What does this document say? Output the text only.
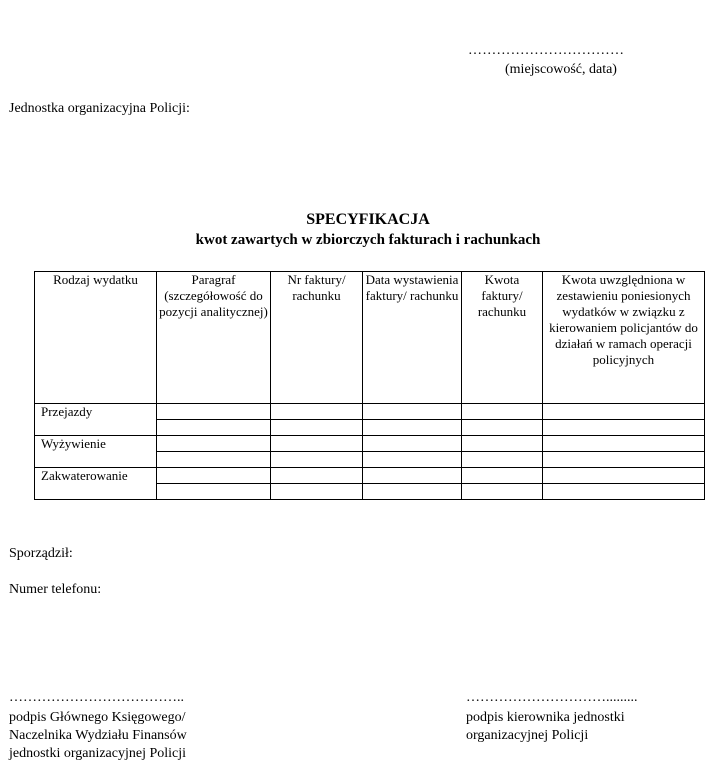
……………………………
(miejscowość, data)
Jednostka organizacyjna Policji:
SPECYFIKACJA
kwot zawartych w zbiorczych fakturach i rachunkach
Rodzaj wydatku	Paragraf (szczegółowość do pozycji analitycznej)	Nr faktury/ rachunku	Data wystawienia faktury/ rachunku	Kwota faktury/ rachunku	Kwota uwzględniona w zestawieniu poniesionych wydatków w związku z kierowaniem policjantów do działań w ramach operacji policyjnych
Przejazdy					

Wyżywienie					

Zakwaterowanie					

Sporządził:
Numer telefonu:
………………………………..
podpis Głównego Księgowego/
Naczelnika Wydziału Finansów
jednostki organizacyjnej Policji
………………………….........
podpis kierownika jednostki
organizacyjnej Policji
